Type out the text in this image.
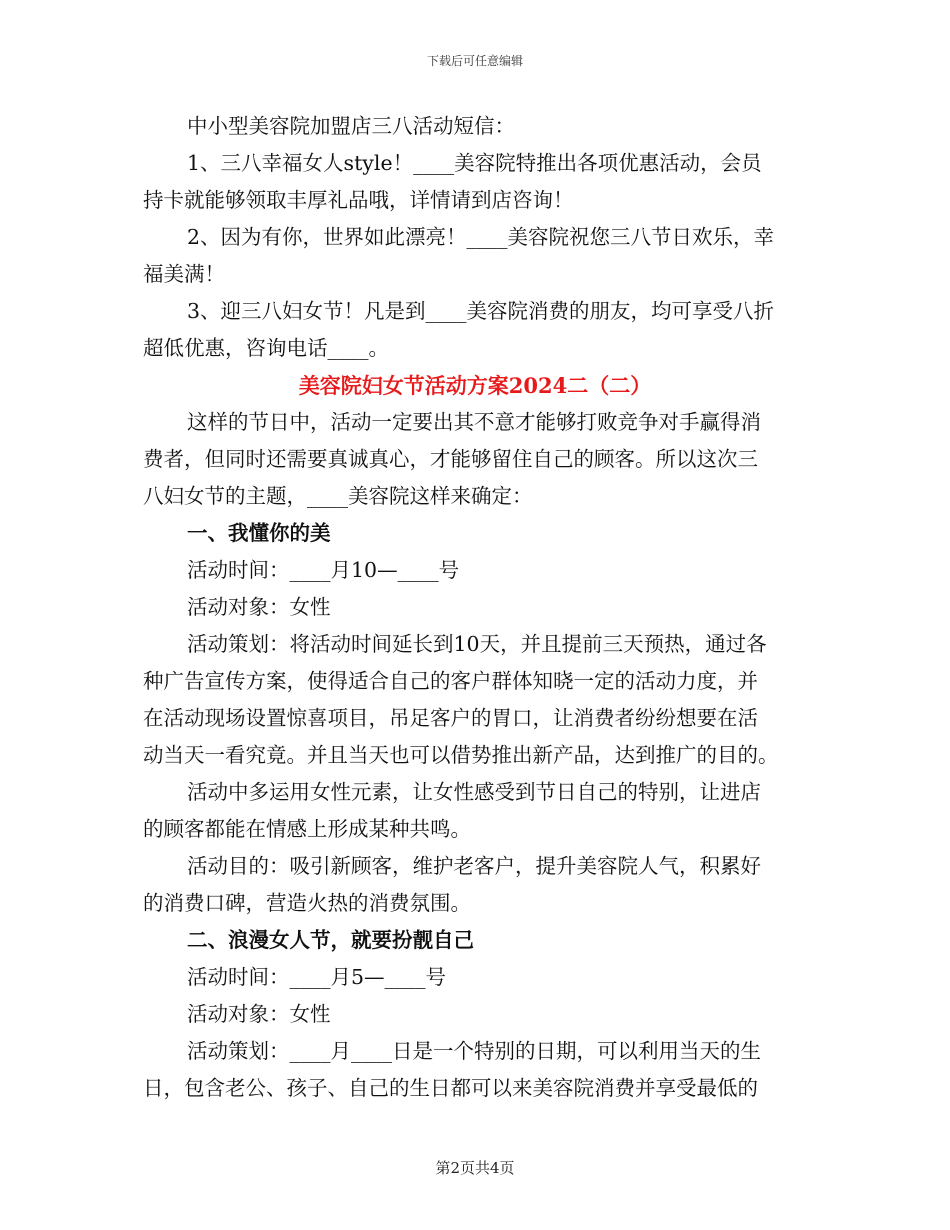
下载后可任意编辑

中小型美容院加盟店三八活动短信：

1、三八幸福女人style！____美容院特推出各项优惠活动，会员

持卡就能够领取丰厚礼品哦，详情请到店咨询！

2、因为有你，世界如此漂亮！____美容院祝您三八节日欢乐，幸

福美满！

3、迎三八妇女节！凡是到____美容院消费的朋友，均可享受八折

超低优惠，咨询电话____。

美容院妇女节活动方案2024二（二）

这样的节日中，活动一定要出其不意才能够打败竞争对手赢得消

费者，但同时还需要真诚真心，才能够留住自己的顾客。所以这次三

八妇女节的主题，____美容院这样来确定：

一、我懂你的美

活动时间：____月10—____号

活动对象：女性

活动策划：将活动时间延长到10天，并且提前三天预热，通过各

种广告宣传方案，使得适合自己的客户群体知晓一定的活动力度，并

在活动现场设置惊喜项目，吊足客户的胃口，让消费者纷纷想要在活

动当天一看究竟。并且当天也可以借势推出新产品，达到推广的目的。

活动中多运用女性元素，让女性感受到节日自己的特别，让进店

的顾客都能在情感上形成某种共鸣。

活动目的：吸引新顾客，维护老客户，提升美容院人气，积累好

的消费口碑，营造火热的消费氛围。

二、浪漫女人节，就要扮靓自己

活动时间：____月5—____号

活动对象：女性

活动策划：____月____日是一个特别的日期，可以利用当天的生

日，包含老公、孩子、自己的生日都可以来美容院消费并享受最低的

第2页共4页
